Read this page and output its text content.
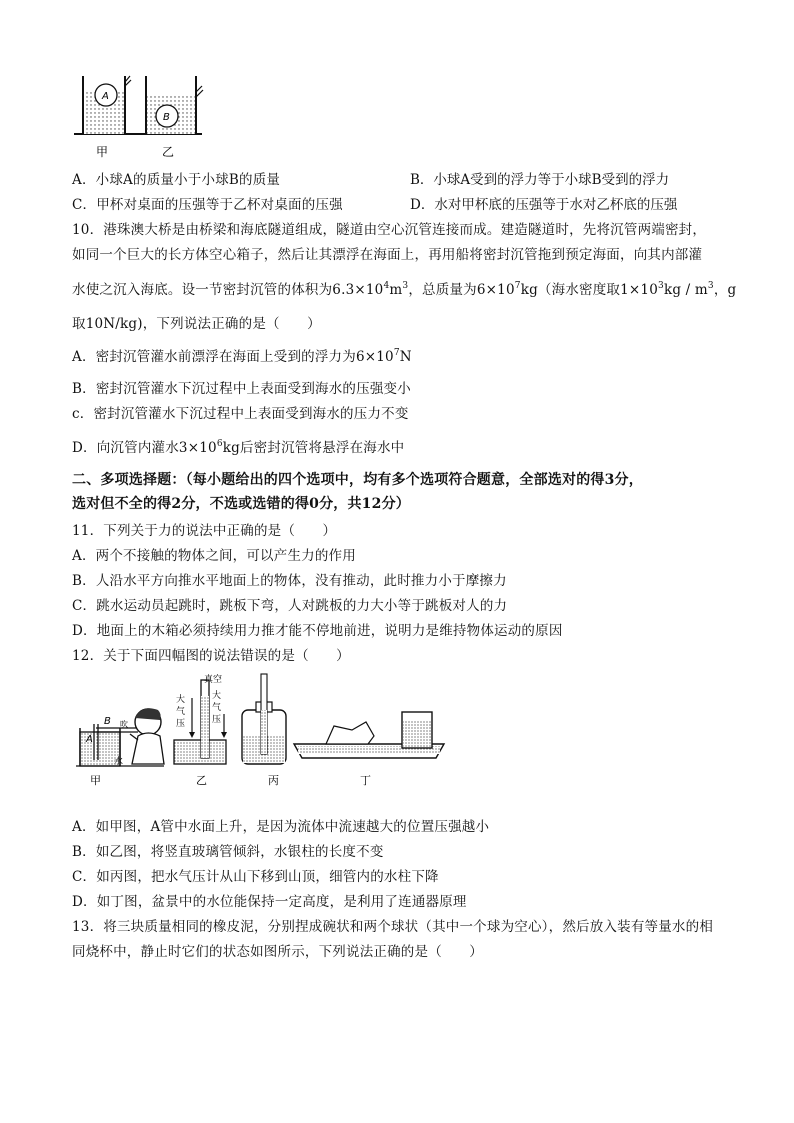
A
B
甲	乙
A．小球A的质量小于小球B的质量	B．小球A受到的浮力等于小球B受到的浮力
C．甲杯对桌面的压强等于乙杯对桌面的压强	D．水对甲杯底的压强等于水对乙杯底的压强
10．港珠澳大桥是由桥梁和海底隧道组成，隧道由空心沉管连接而成。建造隧道时，先将沉管两端密封，
如同一个巨大的长方体空心箱子，然后让其漂浮在海面上，再用船将密封沉管拖到预定海面，向其内部灌
水使之沉入海底。设一节密封沉管的体积为$6.3\times 10^4m^3$，总质量为$6\times 10^7kg$（海水密度取$1\times 10^3kg / m^3$，g
取10N/kg)，下列说法正确的是（　　）
A．密封沉管灌水前漂浮在海面上受到的浮力为$6\times 10^7N$
B．密封沉管灌水下沉过程中上表面受到海水的压强变小
c．密封沉管灌水下沉过程中上表面受到海水的压力不变
D．向沉管内灌水$3\times 10^6kg$后密封沉管将悬浮在海水中
二、多项选择题：（每小题给出的四个选项中，均有多个选项符合题意，全部选对的得3分，
选对但不全的得2分，不选或选错的得0分，共12分）
11．下列关于力的说法中正确的是（　　）
A．两个不接触的物体之间，可以产生力的作用
B．人沿水平方向推水平地面上的物体，没有推动，此时推力小于摩擦力
C．跳水运动员起跳时，跳板下弯，人对跳板的力大小等于跳板对人的力
D．地面上的木箱必须持续用力推才能不停地前进，说明力是维持物体运动的原因
12．关于下面四幅图的说法错误的是（　　）
A
B 吹
水
甲
大
气
压
真空
大
气
压
乙	丙	丁
A．如甲图，A管中水面上升，是因为流体中流速越大的位置压强越小
B．如乙图，将竖直玻璃管倾斜，水银柱的长度不变
C．如丙图，把水气压计从山下移到山顶，细管内的水柱下降
D．如丁图，盆景中的水位能保持一定高度，是利用了连通器原理
13．将三块质量相同的橡皮泥，分别捏成碗状和两个球状（其中一个球为空心），然后放入装有等量水的相
同烧杯中，静止时它们的状态如图所示，下列说法正确的是（　　）
